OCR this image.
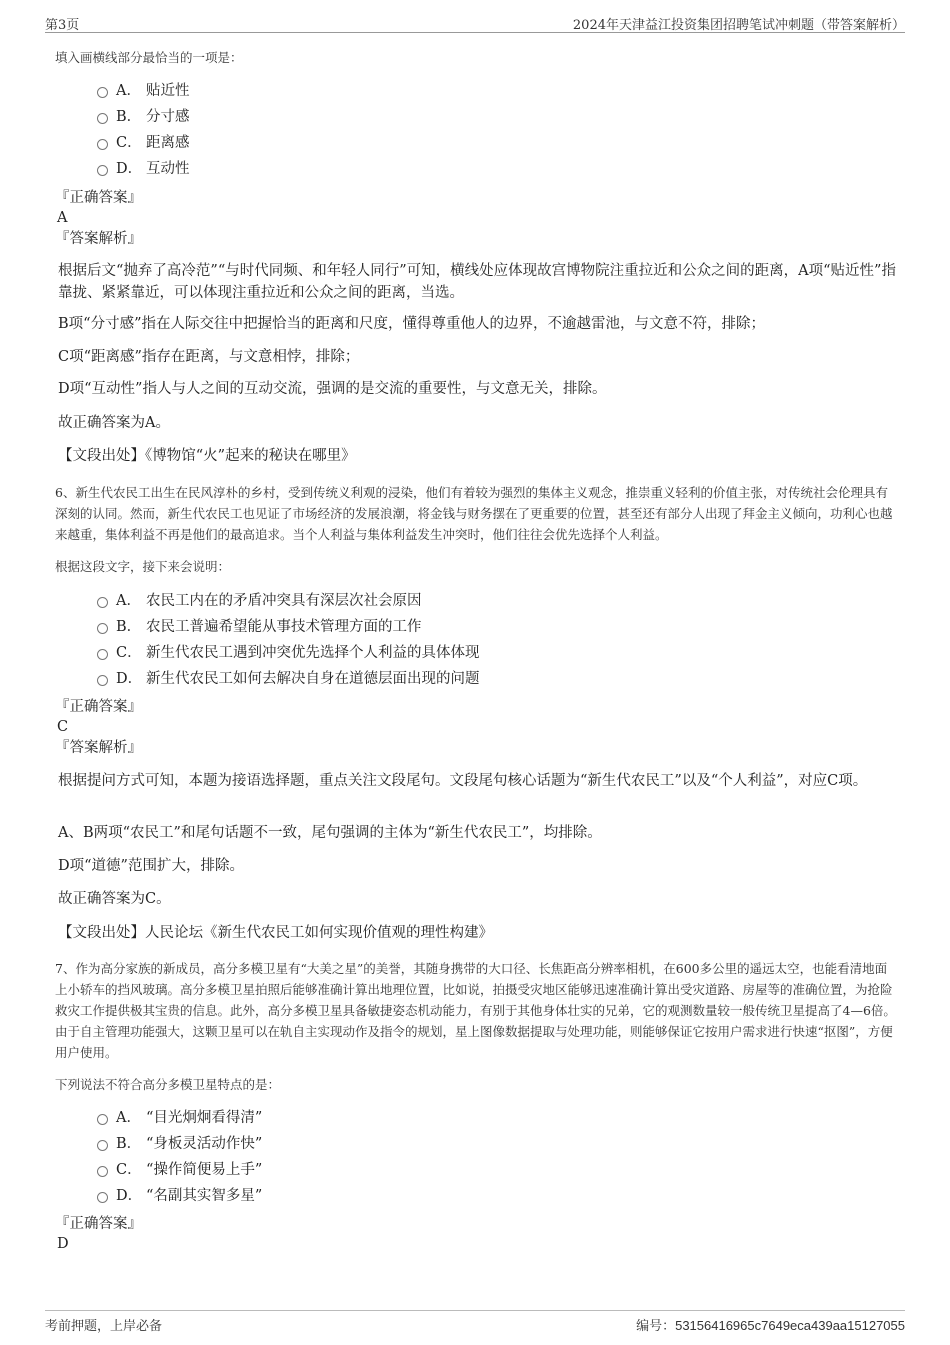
第3页	2024年天津益江投资集团招聘笔试冲刺题（带答案解析）
填入画横线部分最恰当的一项是：
A． 贴近性
B． 分寸感
C． 距离感
D． 互动性
『正确答案』
A
『答案解析』
根据后文“抛弃了高冷范”“与时代同频、和年轻人同行”可知，横线处应体现故宫博物院注重拉近和公众之间的距离，A项“贴近性”指靠拢、紧紧靠近，可以体现注重拉近和公众之间的距离，当选。
B项“分寸感”指在人际交往中把握恰当的距离和尺度，懂得尊重他人的边界，不逾越雷池，与文意不符，排除；
C项“距离感”指存在距离，与文意相悖，排除；
D项“互动性”指人与人之间的互动交流，强调的是交流的重要性，与文意无关，排除。
故正确答案为A。
【文段出处】《博物馆“火”起来的秘诀在哪里》
6、新生代农民工出生在民风淳朴的乡村，受到传统义利观的浸染，他们有着较为强烈的集体主义观念，推崇重义轻利的价值主张，对传统社会伦理具有深刻的认同。然而，新生代农民工也见证了市场经济的发展浪潮，将金钱与财务摆在了更重要的位置，甚至还有部分人出现了拜金主义倾向，功利心也越来越重，集体利益不再是他们的最高追求。当个人利益与集体利益发生冲突时，他们往往会优先选择个人利益。
根据这段文字，接下来会说明：
A． 农民工内在的矛盾冲突具有深层次社会原因
B． 农民工普遍希望能从事技术管理方面的工作
C． 新生代农民工遇到冲突优先选择个人利益的具体体现
D． 新生代农民工如何去解决自身在道德层面出现的问题
『正确答案』
C
『答案解析』
根据提问方式可知，本题为接语选择题，重点关注文段尾句。文段尾句核心话题为“新生代农民工”以及“个人利益”，对应C项。
A、B两项“农民工”和尾句话题不一致，尾句强调的主体为“新生代农民工”，均排除。
D项“道德”范围扩大，排除。
故正确答案为C。
【文段出处】人民论坛《新生代农民工如何实现价值观的理性构建》
7、作为高分家族的新成员，高分多模卫星有“大美之星”的美誉，其随身携带的大口径、长焦距高分辨率相机，在600多公里的遥远太空，也能看清地面上小轿车的挡风玻璃。高分多模卫星拍照后能够准确计算出地理位置，比如说，拍摄受灾地区能够迅速准确计算出受灾道路、房屋等的准确位置，为抢险救灾工作提供极其宝贵的信息。此外，高分多模卫星具备敏捷姿态机动能力，有别于其他身体壮实的兄弟，它的观测数量较一般传统卫星提高了4—6倍。由于自主管理功能强大，这颗卫星可以在轨自主实现动作及指令的规划，星上图像数据提取与处理功能，则能够保证它按用户需求进行快速“抠图”，方便用户使用。
下列说法不符合高分多模卫星特点的是：
A． “目光炯炯看得清”
B． “身板灵活动作快”
C． “操作简便易上手”
D． “名副其实智多星”
『正确答案』
D
考前押题，上岸必备	编号：53156416965c7649eca439aa15127055
